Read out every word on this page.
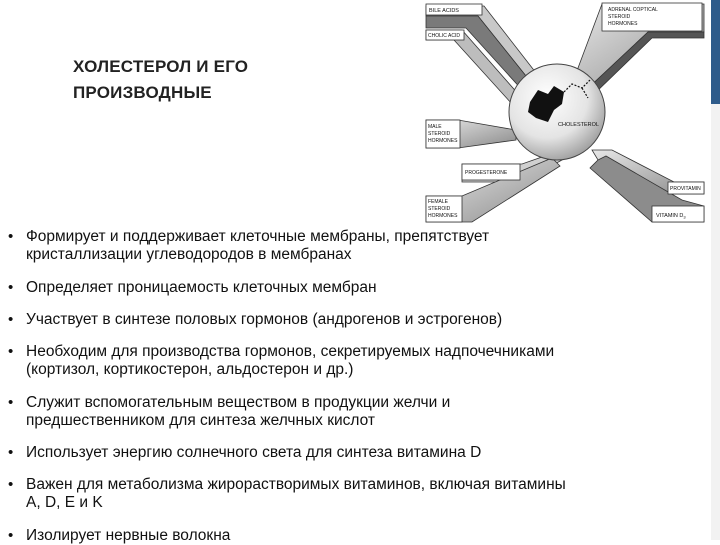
ХОЛЕСТЕРОЛ И ЕГО
ПРОИЗВОДНЫЕ
CHOLESTEROL
BILE ACIDS
CHOLIC ACID
ADRENAL COPTICAL
STEROID
HORMONES
MALE
STEROID
HORMONES
PROGESTERONE
FEMALE
STEROID
HORMONES
PROVITAMIN
VITAMIN $D_3$
• Формирует и поддерживает клеточные мембраны, препятствует
кристаллизации углеводородов в мембранах
• Определяет проницаемость клеточных мембран
• Участвует в синтезе половых гормонов (андрогенов и эстрогенов)
• Необходим для производства гормонов, секретируемых надпочечниками
(кортизол, кортикостерон, альдостерон и др.)
• Служит вспомогательным веществом в продукции желчи и
предшественником для синтеза желчных кислот
• Использует энергию солнечного света для синтеза витамина D
• Важен для метаболизма жирорастворимых витаминов, включая витамины
A, D, E и K
• Изолирует нервные волокна
